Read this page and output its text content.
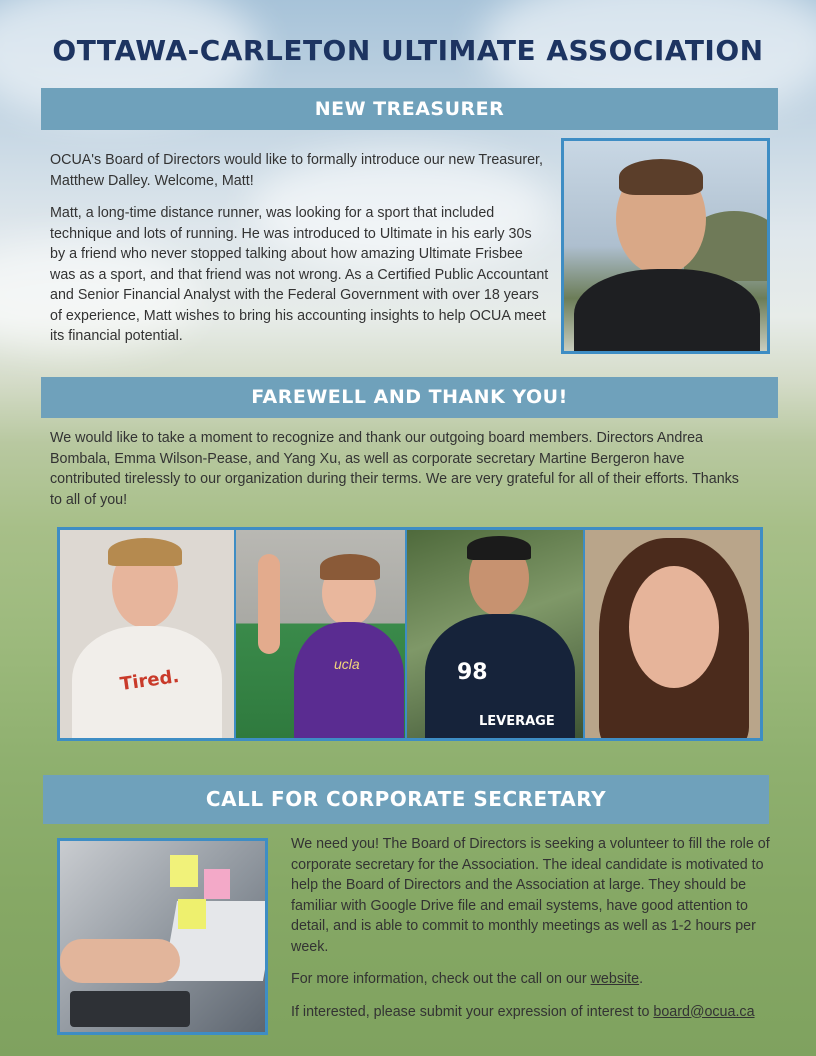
OTTAWA-CARLETON ULTIMATE ASSOCIATION
NEW TREASURER

OCUA's Board of Directors would like to formally introduce our new Treasurer, Matthew Dalley. Welcome, Matt!

Matt, a long-time distance runner, was looking for a sport that included technique and lots of running. He was introduced to Ultimate in his early 30s by a friend who never stopped talking about how amazing Ultimate Frisbee was as a sport, and that friend was not wrong. As a Certified Public Accountant and Senior Financial Analyst with the Federal Government with over 18 years of experience, Matt wishes to bring his accounting insights to help OCUA meet its financial potential.

FAREWELL AND THANK YOU!
We would like to take a moment to recognize and thank our outgoing board members. Directors Andrea Bombala, Emma Wilson-Pease, and Yang Xu, as well as corporate secretary Martine Bergeron have contributed tirelessly to our organization during their terms. We are very grateful for all of their efforts. Thanks to all of you!
Tired.
ucla	98
LEVERAGE
CALL FOR CORPORATE SECRETARY

We need you! The Board of Directors is seeking a volunteer to fill the role of corporate secretary for the Association. The ideal candidate is motivated to help the Board of Directors and the Association at large. They should be familiar with Google Drive file and email systems, have good attention to detail, and is able to commit to monthly meetings as well as 1-2 hours per week.

For more information, check out the call on our website.

If interested, please submit your expression of interest to board@ocua.ca
